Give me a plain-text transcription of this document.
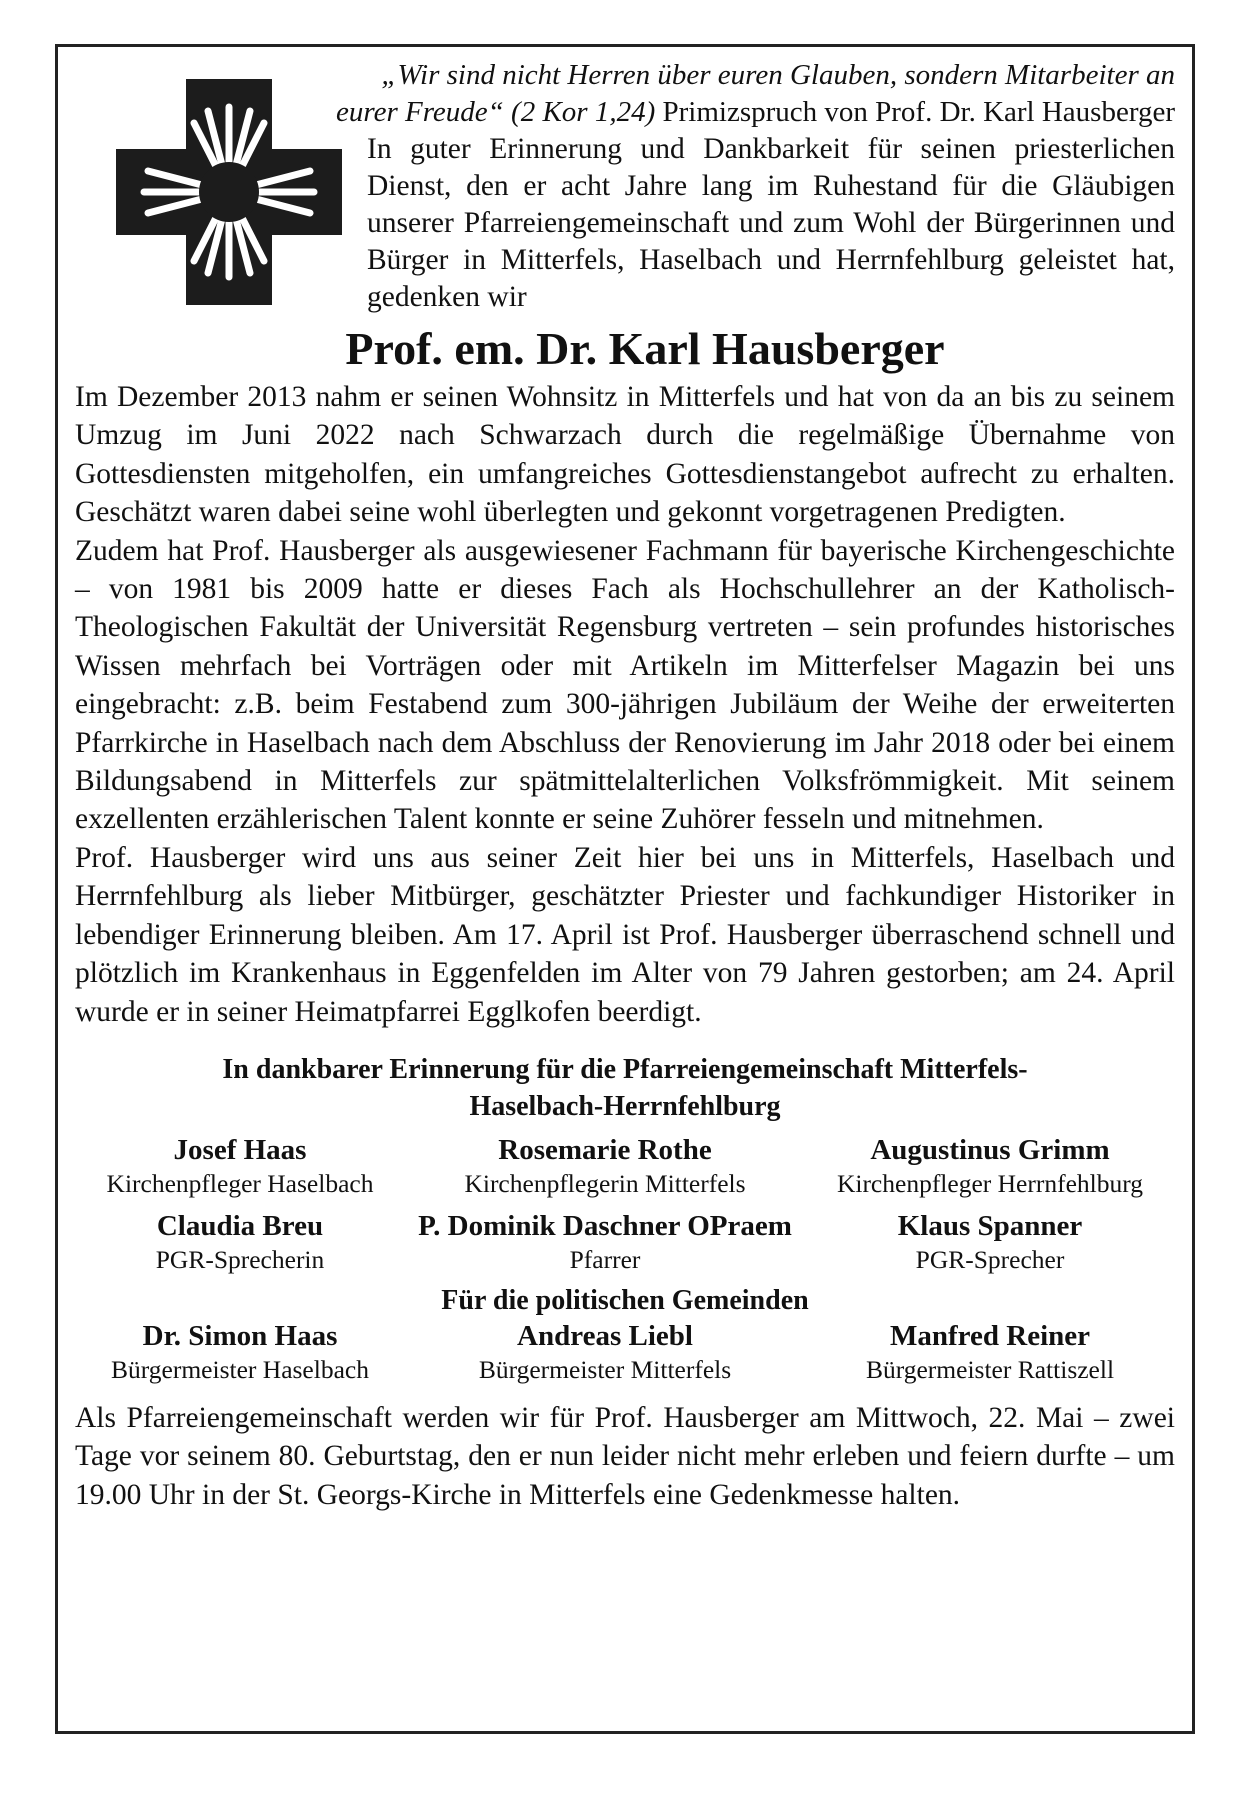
„Wir sind nicht Herren über euren Glauben, sondern Mitarbeiter an eurer Freude“ (2 Kor 1,24) Primizspruch von Prof. Dr. Karl Hausberger

In guter Erinnerung und Dankbarkeit für seinen priesterlichen Dienst, den er acht Jahre lang im Ruhestand für die Gläubigen unserer Pfarreiengemeinschaft und zum Wohl der Bürgerinnen und Bürger in Mitterfels, Haselbach und Herrnfehlburg geleistet hat, gedenken wir

Prof. em. Dr. Karl Hausberger

Im Dezember 2013 nahm er seinen Wohnsitz in Mitterfels und hat von da an bis zu seinem Umzug im Juni 2022 nach Schwarzach durch die regelmäßige Übernahme von Gottesdiensten mitgeholfen, ein umfangreiches Gottesdienstangebot aufrecht zu erhalten. Geschätzt waren dabei seine wohl überlegten und gekonnt vorgetragenen Predigten.

Zudem hat Prof. Hausberger als ausgewiesener Fachmann für bayerische Kirchengeschichte – von 1981 bis 2009 hatte er dieses Fach als Hochschullehrer an der Katholisch-Theologischen Fakultät der Universität Regensburg vertreten – sein profundes historisches Wissen mehrfach bei Vorträgen oder mit Artikeln im Mitterfelser Magazin bei uns eingebracht: z.B. beim Festabend zum 300-jährigen Jubiläum der Weihe der erweiterten Pfarrkirche in Haselbach nach dem Abschluss der Renovierung im Jahr 2018 oder bei einem Bildungsabend in Mitterfels zur spätmittelalterlichen Volksfrömmigkeit. Mit seinem exzellenten erzählerischen Talent konnte er seine Zuhörer fesseln und mitnehmen.

Prof. Hausberger wird uns aus seiner Zeit hier bei uns in Mitterfels, Haselbach und Herrnfehlburg als lieber Mitbürger, geschätzter Priester und fachkundiger Historiker in lebendiger Erinnerung bleiben. Am 17. April ist Prof. Hausberger überraschend schnell und plötzlich im Krankenhaus in Eggenfelden im Alter von 79 Jahren gestorben; am 24. April wurde er in seiner Heimatpfarrei Egglkofen beerdigt.

In dankbarer Erinnerung für die Pfarreiengemeinschaft Mitterfels-
Haselbach-Herrnfehlburg
Josef Haas
Kirchenpfleger Haselbach
Rosemarie Rothe
Kirchenpflegerin Mitterfels
Augustinus Grimm
Kirchenpfleger Herrnfehlburg
Claudia Breu
PGR-Sprecherin
P. Dominik Daschner OPraem
Pfarrer
Klaus Spanner
PGR-Sprecher
Für die politischen Gemeinden
Dr. Simon Haas
Bürgermeister Haselbach
Andreas Liebl
Bürgermeister Mitterfels
Manfred Reiner
Bürgermeister Rattiszell

Als Pfarreiengemeinschaft werden wir für Prof. Hausberger am Mittwoch, 22. Mai – zwei Tage vor seinem 80. Geburtstag, den er nun leider nicht mehr erleben und feiern durfte – um 19.00 Uhr in der St. Georgs-Kirche in Mitterfels eine Gedenkmesse halten.
